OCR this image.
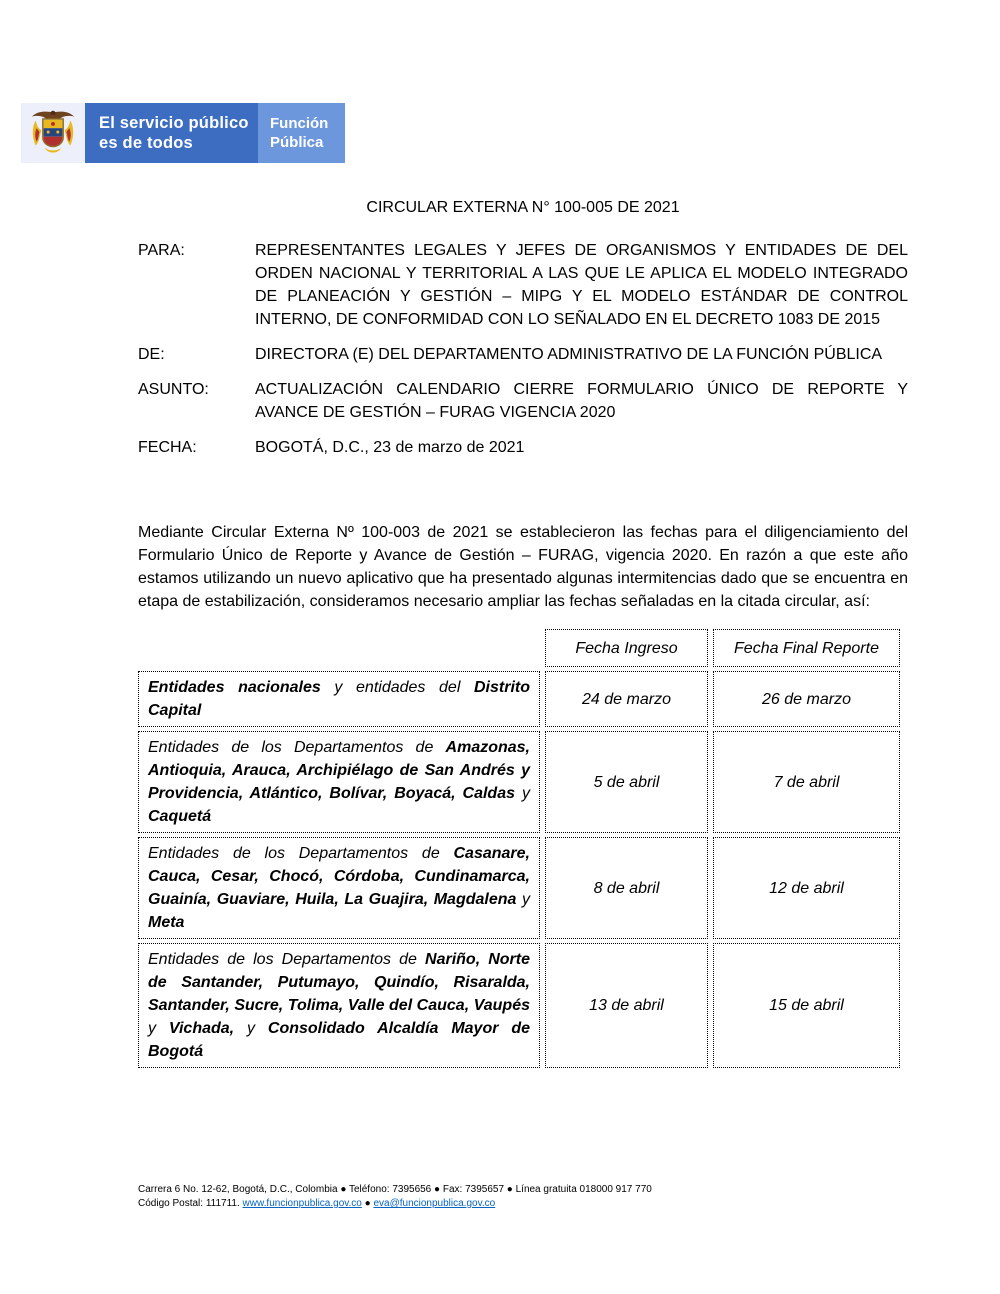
El servicio público
es de todos
Función
Pública
CIRCULAR EXTERNA N° 100-005 DE 2021
PARA:	REPRESENTANTES LEGALES Y JEFES DE ORGANISMOS Y ENTIDADES DE DEL ORDEN NACIONAL Y TERRITORIAL A LAS QUE LE APLICA EL MODELO INTEGRADO DE PLANEACIÓN Y GESTIÓN – MIPG Y EL MODELO ESTÁNDAR DE CONTROL INTERNO, DE CONFORMIDAD CON LO SEÑALADO EN EL DECRETO 1083 DE 2015
DE:	DIRECTORA (E) DEL DEPARTAMENTO ADMINISTRATIVO DE LA FUNCIÓN PÚBLICA
ASUNTO:	ACTUALIZACIÓN CALENDARIO CIERRE FORMULARIO ÚNICO DE REPORTE Y AVANCE DE GESTIÓN – FURAG VIGENCIA 2020
FECHA:	BOGOTÁ, D.C., 23 de marzo de 2021

Mediante Circular Externa Nº 100-003 de 2021 se establecieron las fechas para el diligenciamiento del Formulario Único de Reporte y Avance de Gestión – FURAG, vigencia 2020. En razón a que este año estamos utilizando un nuevo aplicativo que ha presentado algunas intermitencias dado que se encuentra en etapa de estabilización, consideramos necesario ampliar las fechas señaladas en la citada circular, así:

	Fecha Ingreso	Fecha Final Reporte
Entidades nacionales y entidades del Distrito Capital	24 de marzo	26 de marzo
Entidades de los Departamentos de Amazonas, Antioquia, Arauca, Archipiélago de San Andrés y Providencia, Atlántico, Bolívar, Boyacá, Caldas y Caquetá	5 de abril	7 de abril
Entidades de los Departamentos de Casanare, Cauca, Cesar, Chocó, Córdoba, Cundinamarca, Guainía, Guaviare, Huila, La Guajira, Magdalena y Meta	8 de abril	12 de abril
Entidades de los Departamentos de Nariño, Norte de Santander, Putumayo, Quindío, Risaralda, Santander, Sucre, Tolima, Valle del Cauca, Vaupés y Vichada, y Consolidado Alcaldía Mayor de Bogotá	13 de abril	15 de abril
Carrera 6 No. 12-62, Bogotá, D.C., Colombia ● Teléfono: 7395656 ● Fax: 7395657 ● Línea gratuita 018000 917 770
Código Postal: 111711. www.funcionpublica.gov.co ● eva@funcionpublica.gov.co
